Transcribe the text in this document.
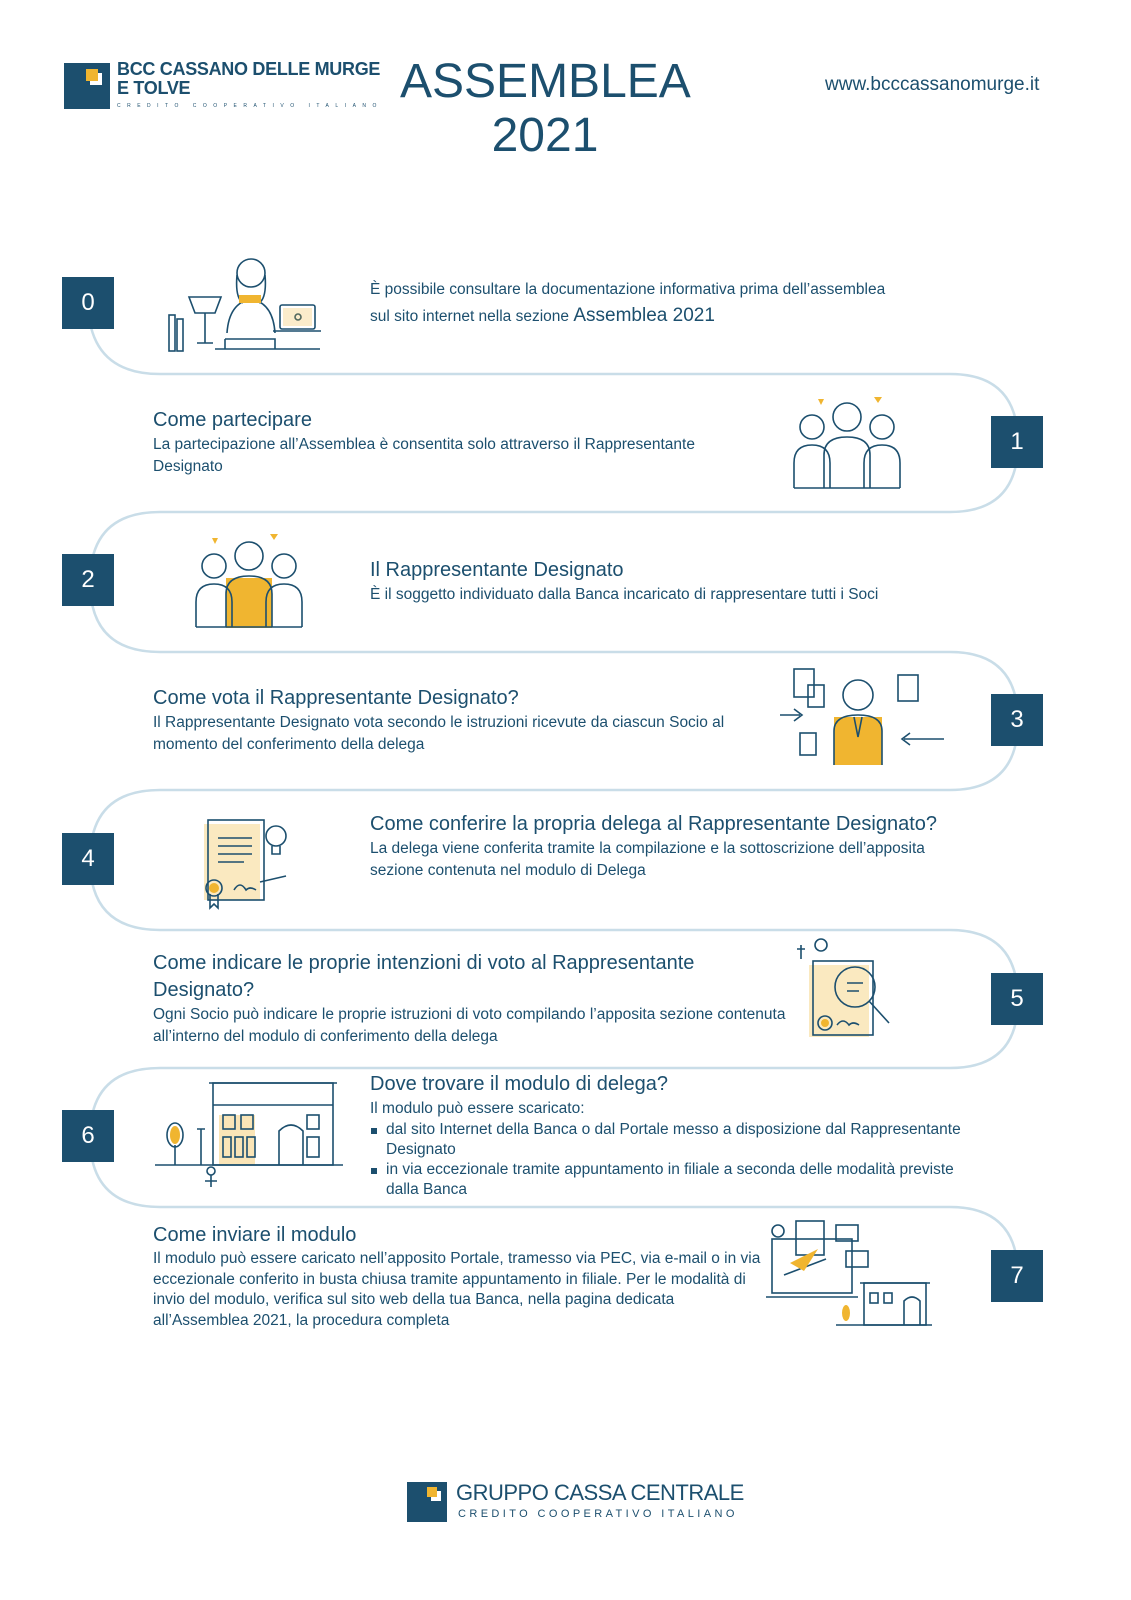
BCC CASSANO DELLE MURGE
E TOLVE
CREDITO COOPERATIVO ITALIANO ASSEMBLEA
2021
www.bcccassanomurge.it
0
1
2
3
4
5
6
7
È possibile consultare la documentazione informativa prima dell’assemblea
sul sito internet nella sezione Assemblea 2021
Come partecipare
La partecipazione all’Assemblea è consentita solo attraverso il Rappresentante Designato
Il Rappresentante Designato
È il soggetto individuato dalla Banca incaricato di rappresentare tutti i Soci
Come vota il Rappresentante Designato?
Il Rappresentante Designato vota secondo le istruzioni ricevute da ciascun Socio al momento del conferimento della delega
Come conferire la propria delega al Rappresentante Designato?
La delega viene conferita tramite la compilazione e la sottoscrizione dell’apposita sezione contenuta nel modulo di Delega
Come indicare le proprie intenzioni di voto al Rappresentante Designato?
Ogni Socio può indicare le proprie istruzioni di voto compilando l’apposita sezione contenuta all’interno del modulo di conferimento della delega
Dove trovare il modulo di delega?
Il modulo può essere scaricato:
dal sito Internet della Banca o dal Portale messo a disposizione dal Rappresentante Designato
in via eccezionale tramite appuntamento in filiale a seconda delle modalità previste dalla Banca
Come inviare il modulo
Il modulo può essere caricato nell’apposito Portale, tramesso via PEC, via e-mail o in via eccezionale conferito in busta chiusa tramite appuntamento in filiale. Per le modalità di invio del modulo, verifica sul sito web della tua Banca, nella pagina dedicata all’Assemblea 2021, la procedura completa
GRUPPO CASSA CENTRALE
CREDITO COOPERATIVO ITALIANO
